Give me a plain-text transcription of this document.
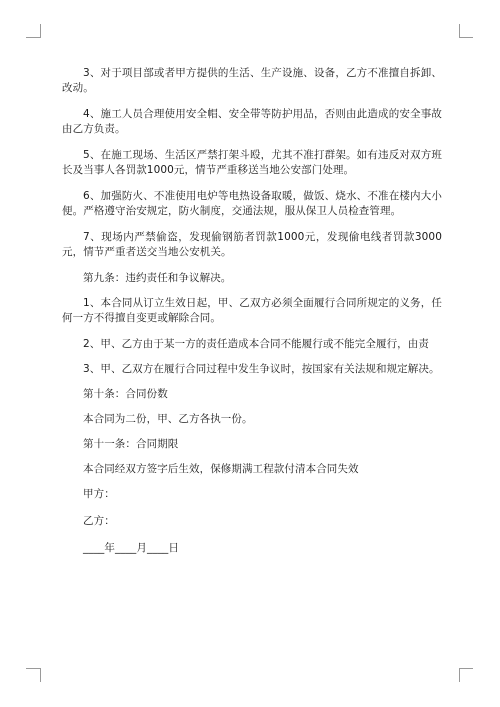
3、对于项目部或者甲方提供的生活、生产设施、设备，乙方不准擅自拆卸、改动。

4、施工人员合理使用安全帽、安全带等防护用品，否则由此造成的安全事故由乙方负责。

5、在施工现场、生活区严禁打架斗殴，尤其不准打群架。如有违反对双方班长及当事人各罚款1000元，情节严重移送当地公安部门处理。

6、加强防火、不准使用电炉等电热设备取暖，做饭、烧水、不准在楼内大小便。严格遵守治安规定，防火制度，交通法规，服从保卫人员检查管理。

7、现场内严禁偷盗，发现偷钢筋者罚款1000元，发现偷电线者罚款3000元，情节严重者送交当地公安机关。

第九条：违约责任和争议解决。

1、本合同从订立生效日起，甲、乙双方必须全面履行合同所规定的义务，任何一方不得擅自变更或解除合同。

2、甲、乙方由于某一方的责任造成本合同不能履行或不能完全履行，由责

3、甲、乙双方在履行合同过程中发生争议时，按国家有关法规和规定解决。

第十条：合同份数

本合同为二份，甲、乙方各执一份。

第十一条：合同期限

本合同经双方签字后生效，保修期满工程款付清本合同失效

甲方：

乙方：

____年____月____日
